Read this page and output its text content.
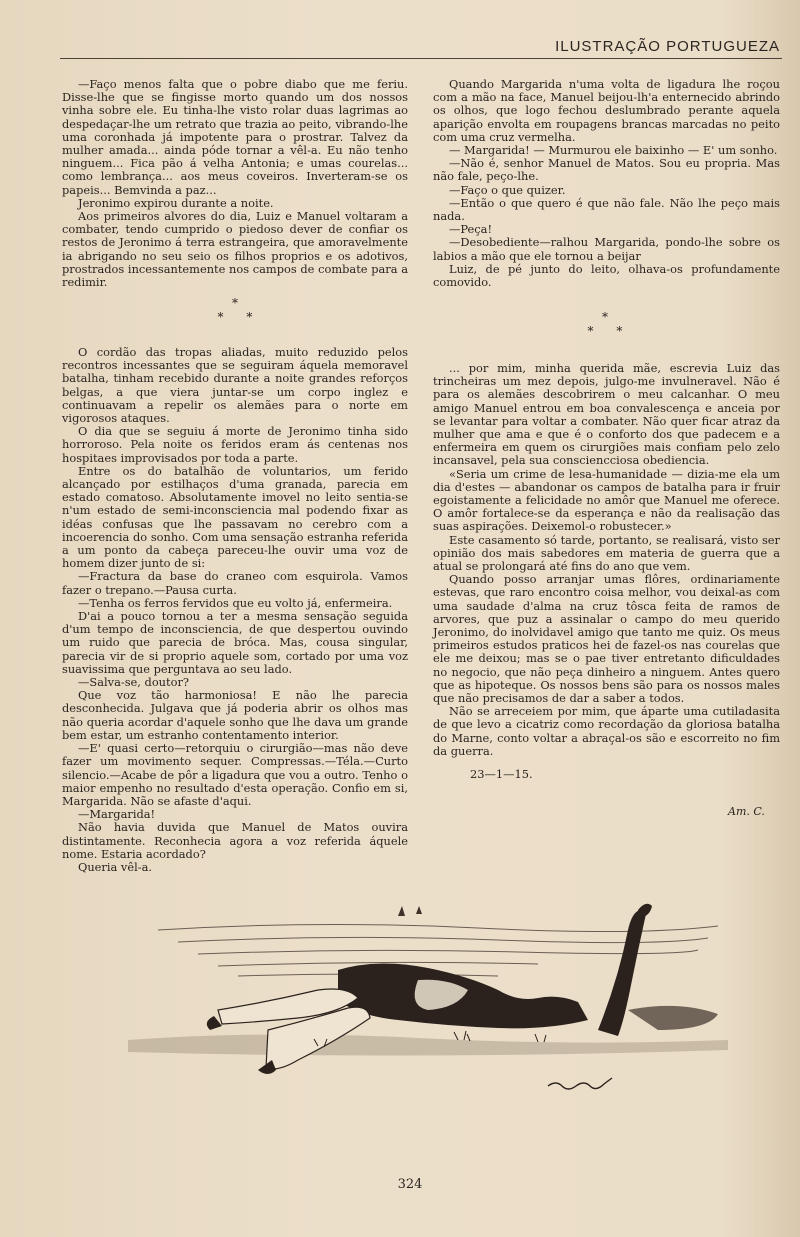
ILUSTRAÇÃO PORTUGUEZA

—Faço menos falta que o pobre diabo que me feriu. Disse-lhe que se fingisse morto quando um dos nossos vinha sobre ele. Eu tinha-lhe visto rolar duas lagrimas ao despedaçar-lhe um retrato que trazia ao peito, vibrando-lhe uma coronhada já impotente para o prostrar. Talvez da mulher amada... ainda póde tornar a vêl-a. Eu não tenho ninguem... Fica pão á velha Antonia; e umas courelas... como lembrança... aos meus coveiros. Inverteram-se os papeis... Bemvinda a paz...

Jeronimo expirou durante a noite.

Aos primeiros alvores do dia, Luiz e Manuel voltaram a combater, tendo cumprido o piedoso dever de confiar os restos de Jeronimo á terra estrangeira, que amoravelmente ia abrigando no seu seio os filhos proprios e os adotivos, prostrados incessantemente nos campos de combate para a redimir.

*
*      *

O cordão das tropas aliadas, muito reduzido pelos recontros incessantes que se seguiram áquela memoravel batalha, tinham recebido durante a noite grandes reforços belgas, a que viera juntar-se um corpo inglez e continuavam a repelir os alemães para o norte em vigorosos ataques.

O dia que se seguiu á morte de Jeronimo tinha sido horroroso. Pela noite os feridos eram ás centenas nos hospitaes improvisados por toda a parte.

Entre os do batalhão de voluntarios, um ferido alcançado por estilhaços d'uma granada, parecia em estado comatoso. Absolutamente imovel no leito sentia-se n'um estado de semi-inconsciencia mal podendo fixar as idéas confusas que lhe passavam no cerebro com a incoerencia do sonho. Com uma sensação estranha referida a um ponto da cabeça pareceu-lhe ouvir uma voz de homem dizer junto de si:

—Fractura da base do craneo com esquirola. Vamos fazer o trepano.—Pausa curta.

—Tenha os ferros fervidos que eu volto já, enfermeira.

D'ai a pouco tornou a ter a mesma sensação seguida d'um tempo de inconsciencia, de que despertou ouvindo um ruido que parecia de bróca. Mas, cousa singular, parecia vir de si proprio aquele som, cortado por uma voz suavissima que perguntava ao seu lado.

—Salva-se, doutor?

Que voz tão harmoniosa! E não lhe parecia desconhecida. Julgava que já poderia abrir os olhos mas não queria acordar d'aquele sonho que lhe dava um grande bem estar, um estranho contentamento interior.

—E' quasi certo—retorquiu o cirurgião—mas não deve fazer um movimento sequer. Compressas.—Téla.—Curto silencio.—Acabe de pôr a ligadura que vou a outro. Tenho o maior empenho no resultado d'esta operação. Confio em si, Margarida. Não se afaste d'aqui.

—Margarida!

Não havia duvida que Manuel de Matos ouvira distintamente. Reconhecia agora a voz referida áquele nome. Estaria acordado?

Queria vêl-a.

Quando Margarida n'uma volta de ligadura lhe roçou com a mão na face, Manuel beijou-lh'a enternecido abrindo os olhos, que logo fechou deslumbrado perante aquela aparição envolta em roupagens brancas marcadas no peito com uma cruz vermelha.

— Margarida! — Murmurou ele baixinho — E' um sonho.

—Não é, senhor Manuel de Matos. Sou eu propria. Mas não fale, peço-lhe.

—Faço o que quizer.

—Então o que quero é que não fale. Não lhe peço mais nada.

—Peça!

—Desobediente—ralhou Margarida, pondo-lhe sobre os labios a mão que ele tornou a beijar

Luiz, de pé junto do leito, olhava-os profundamente comovido.

*
*      *

... por mim, minha querida mãe, escrevia Luiz das trincheiras um mez depois, julgo-me invulneravel. Não é para os alemães descobrirem o meu calcanhar. O meu amigo Manuel entrou em boa convalescença e anceia por se levantar para voltar a combater. Não quer ficar atraz da mulher que ama e que é o conforto dos que padecem e a enfermeira em quem os cirurgiões mais confiam pelo zelo incansavel, pela sua consciencciosa obediencia.

«Seria um crime de lesa-humanidade — dizia-me ela um dia d'estes — abandonar os campos de batalha para ir fruir egoistamente a felicidade no amôr que Manuel me oferece. O amôr fortalece-se da esperança e não da realisação das suas aspirações. Deixemol-o robustecer.»

Este casamento só tarde, portanto, se realisará, visto ser opinião dos mais sabedores em materia de guerra que a atual se prolongará até fins do ano que vem.

Quando posso arranjar umas flôres, ordinariamente estevas, que raro encontro coisa melhor, vou deixal-as com uma saudade d'alma na cruz tôsca feita de ramos de arvores, que puz a assinalar o campo do meu querido Jeronimo, do inolvidavel amigo que tanto me quiz. Os meus primeiros estudos praticos hei de fazel-os nas courelas que ele me deixou; mas se o pae tiver entretanto dificuldades no negocio, que não peça dinheiro a ninguem. Antes quero que as hipoteque. Os nossos bens são para os nossos males que não precisamos de dar a saber a todos.

Não se arreceiem por mim, que áparte uma cutiladasita de que levo a cicatriz como recordação da gloriosa batalha do Marne, conto voltar a abraçal-os são e escorreito no fim da guerra.

23—1—15.
Am. C.
324
